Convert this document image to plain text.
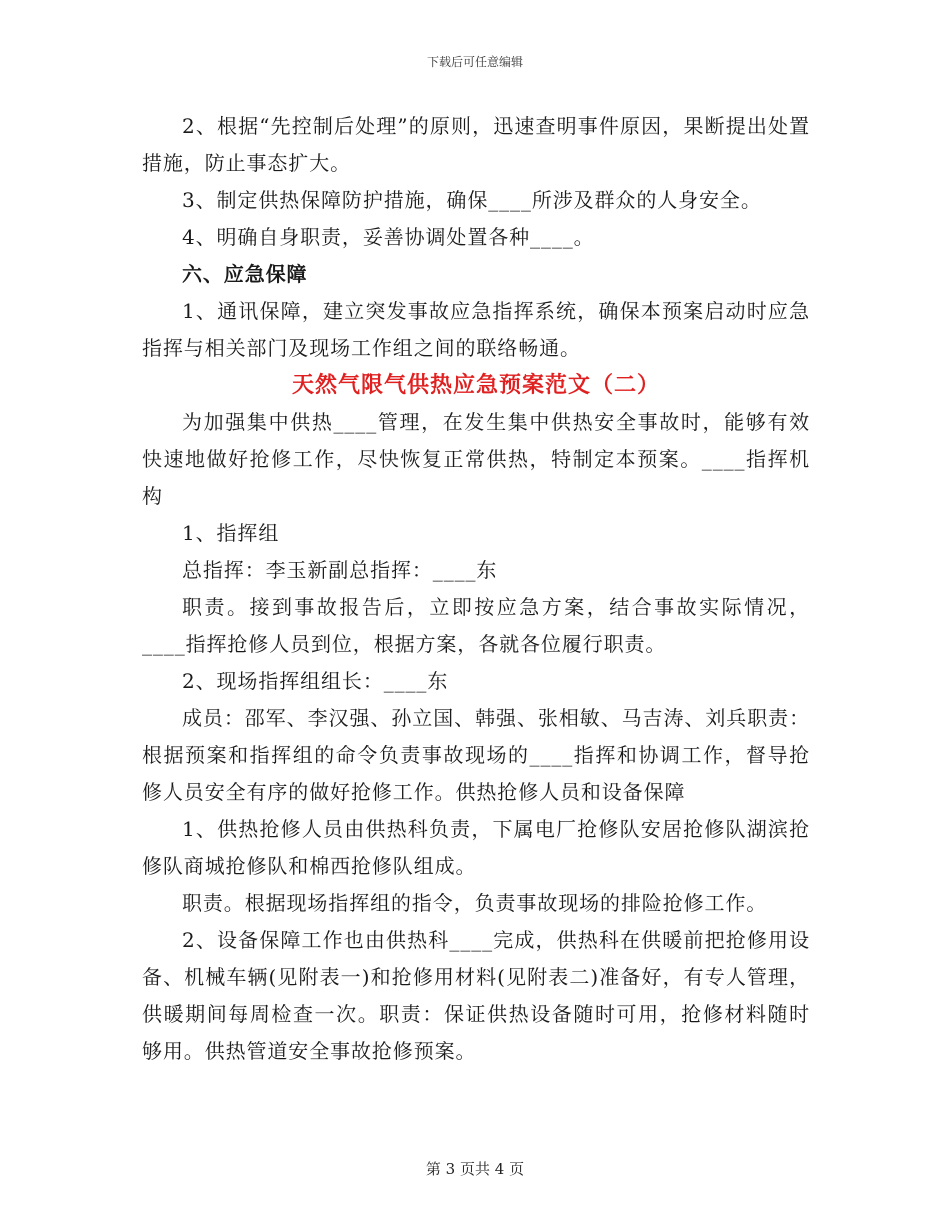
下载后可任意编辑

2、根据“先控制后处理”的原则，迅速查明事件原因，果断提出处置措施，防止事态扩大。

3、制定供热保障防护措施，确保____所涉及群众的人身安全。

4、明确自身职责，妥善协调处置各种____。

六、应急保障

1、通讯保障，建立突发事故应急指挥系统，确保本预案启动时应急指挥与相关部门及现场工作组之间的联络畅通。

天然气限气供热应急预案范文（二）

为加强集中供热____管理，在发生集中供热安全事故时，能够有效快速地做好抢修工作，尽快恢复正常供热，特制定本预案。____指挥机构

1、指挥组

总指挥：李玉新副总指挥：____东

职责。接到事故报告后，立即按应急方案，结合事故实际情况，____指挥抢修人员到位，根据方案，各就各位履行职责。

2、现场指挥组组长：____东

成员：邵军、李汉强、孙立国、韩强、张相敏、马吉涛、刘兵职责：根据预案和指挥组的命令负责事故现场的____指挥和协调工作，督导抢修人员安全有序的做好抢修工作。供热抢修人员和设备保障

1、供热抢修人员由供热科负责，下属电厂抢修队安居抢修队湖滨抢修队商城抢修队和棉西抢修队组成。

职责。根据现场指挥组的指令，负责事故现场的排险抢修工作。

2、设备保障工作也由供热科____完成，供热科在供暖前把抢修用设备、机械车辆(见附表一)和抢修用材料(见附表二)准备好，有专人管理，供暖期间每周检查一次。职责：保证供热设备随时可用，抢修材料随时够用。供热管道安全事故抢修预案。

第 3 页共 4 页
